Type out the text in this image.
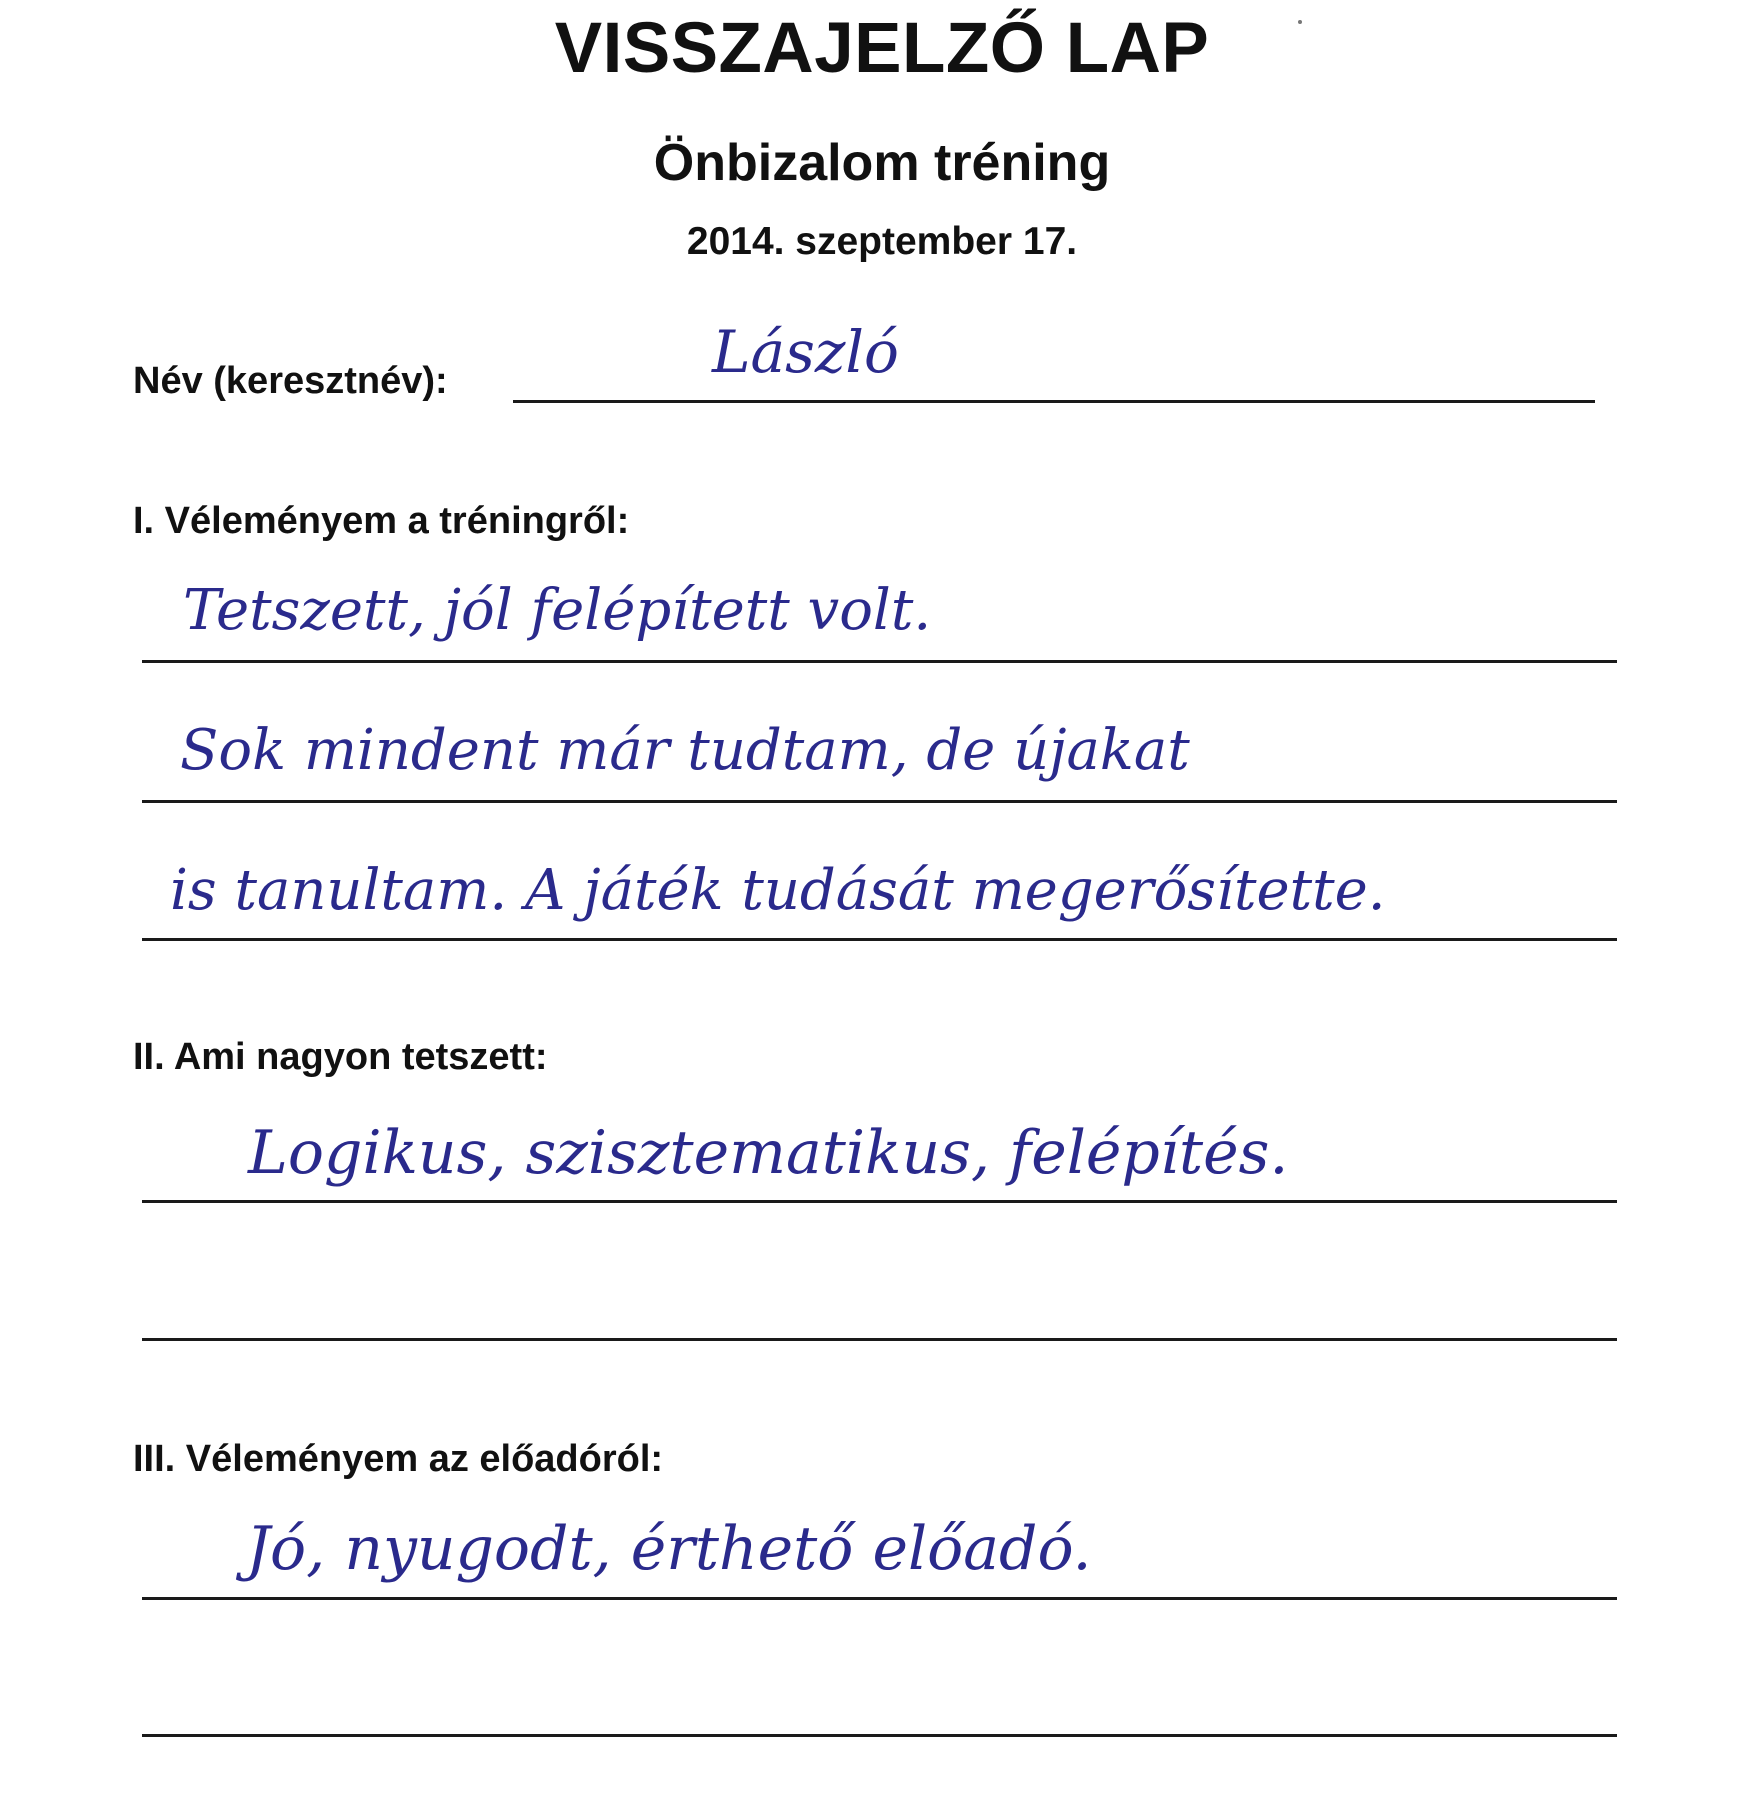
VISSZAJELZŐ LAP
Önbizalom tréning
2014. szeptember 17.
Név (keresztnév):	László
I. Véleményem a tréningről:
Tetszett, jól felépített volt.
Sok mindent már tudtam, de újakat
is tanultam. A játék tudását megerősítette.
II. Ami nagyon tetszett:
Logikus, szisztematikus, felépítés.
III. Véleményem az előadóról:
Jó, nyugodt, érthető előadó.
